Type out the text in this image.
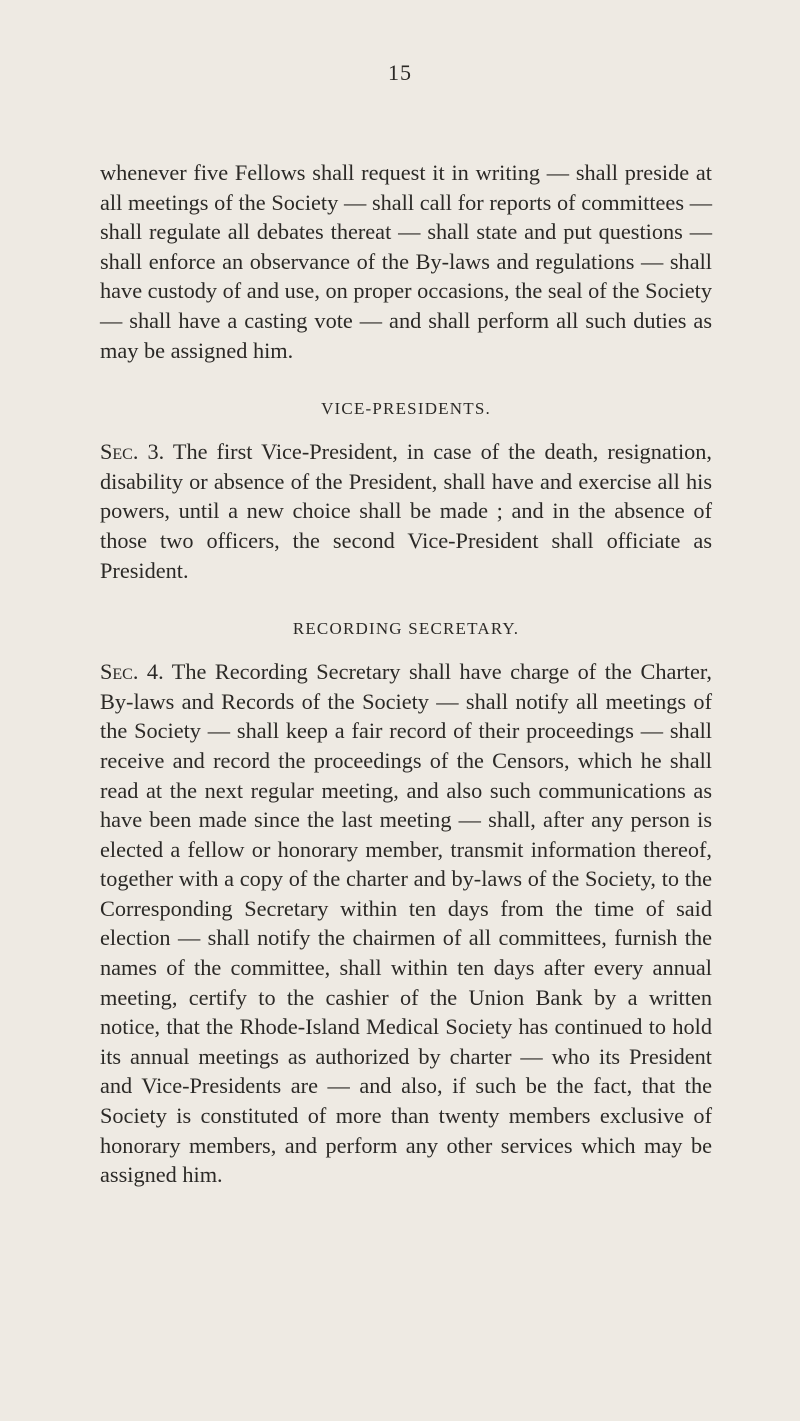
15

whenever five Fellows shall request it in writing — shall preside at all meetings of the Society — shall call for reports of committees — shall regulate all debates thereat — shall state and put questions — shall enforce an observance of the By-laws and regulations — shall have custody of and use, on proper occasions, the seal of the Society — shall have a casting vote — and shall perform all such duties as may be assigned him.

VICE-PRESIDENTS.

Sec. 3. The first Vice-President, in case of the death, resignation, disability or absence of the President, shall have and exercise all his powers, until a new choice shall be made ; and in the absence of those two officers, the second Vice-President shall officiate as President.

RECORDING SECRETARY.

Sec. 4. The Recording Secretary shall have charge of the Charter, By-laws and Records of the Society — shall notify all meetings of the Society — shall keep a fair record of their proceedings — shall receive and record the proceedings of the Censors, which he shall read at the next regular meeting, and also such communications as have been made since the last meeting — shall, after any person is elected a fellow or honorary member, transmit information thereof, together with a copy of the charter and by-laws of the Society, to the Corresponding Secretary within ten days from the time of said election — shall notify the chairmen of all committees, furnish the names of the committee, shall within ten days after every annual meeting, certify to the cashier of the Union Bank by a written notice, that the Rhode-Island Medical Society has continued to hold its annual meetings as authorized by charter — who its President and Vice-Presidents are — and also, if such be the fact, that the Society is constituted of more than twenty members exclusive of honorary members, and perform any other services which may be assigned him.
